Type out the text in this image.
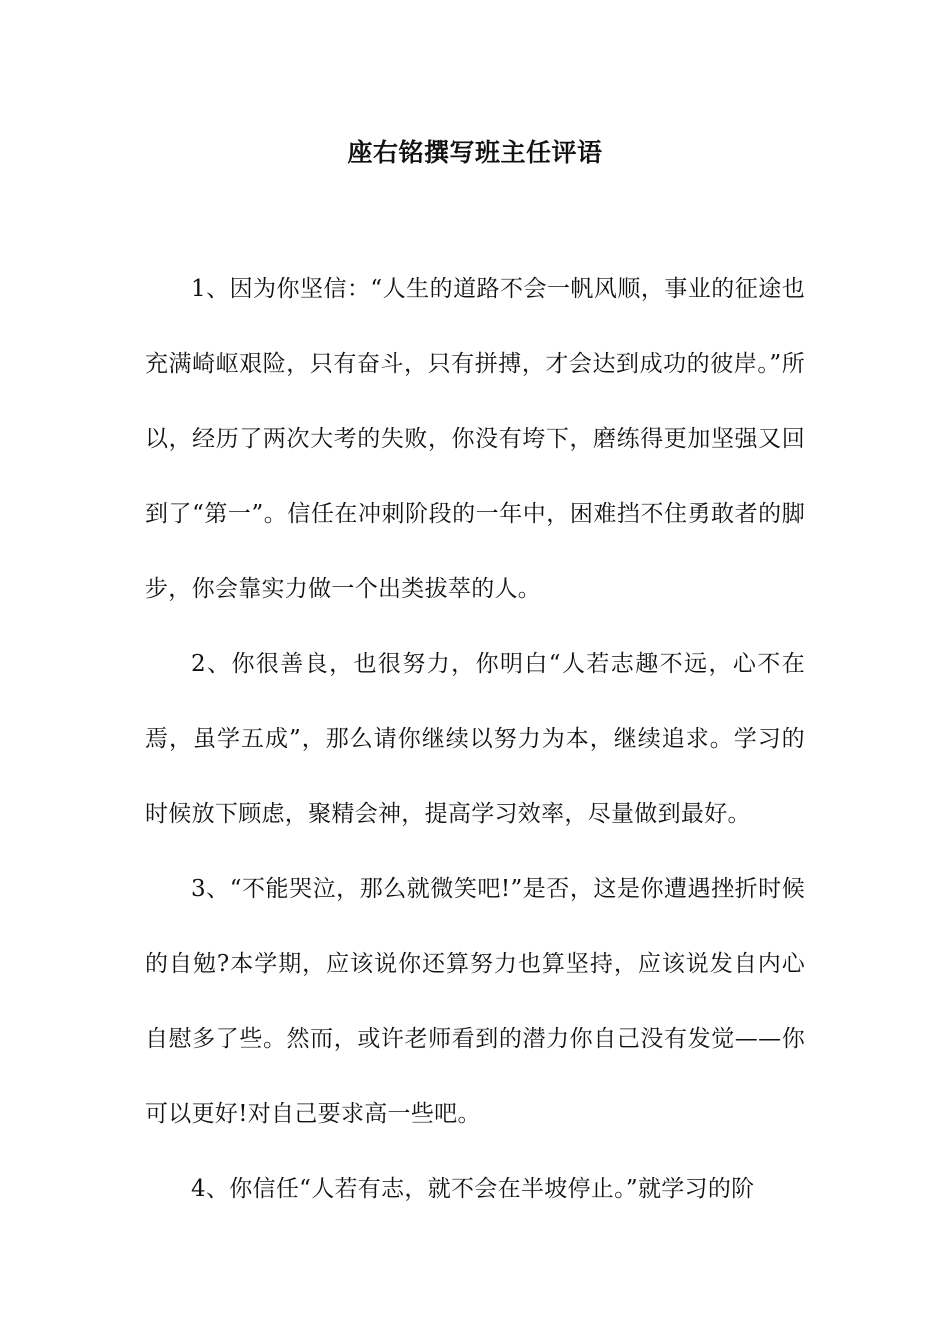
座右铭撰写班主任评语

1、因为你坚信：“人生的道路不会一帆风顺，事业的征途也充满崎岖艰险，只有奋斗，只有拼搏，才会达到成功的彼岸。”所以，经历了两次大考的失败，你没有垮下，磨练得更加坚强又回到了“第一”。信任在冲刺阶段的一年中，困难挡不住勇敢者的脚步，你会靠实力做一个出类拔萃的人。

2、你很善良，也很努力，你明白“人若志趣不远，心不在焉，虽学五成”，那么请你继续以努力为本，继续追求。学习的时候放下顾虑，聚精会神，提高学习效率，尽量做到最好。

3、“不能哭泣，那么就微笑吧!”是否，这是你遭遇挫折时候的自勉?本学期，应该说你还算努力也算坚持，应该说发自内心自慰多了些。然而，或许老师看到的潜力你自己没有发觉——你可以更好!对自己要求高一些吧。

4、你信任“人若有志，就不会在半坡停止。”就学习的阶
